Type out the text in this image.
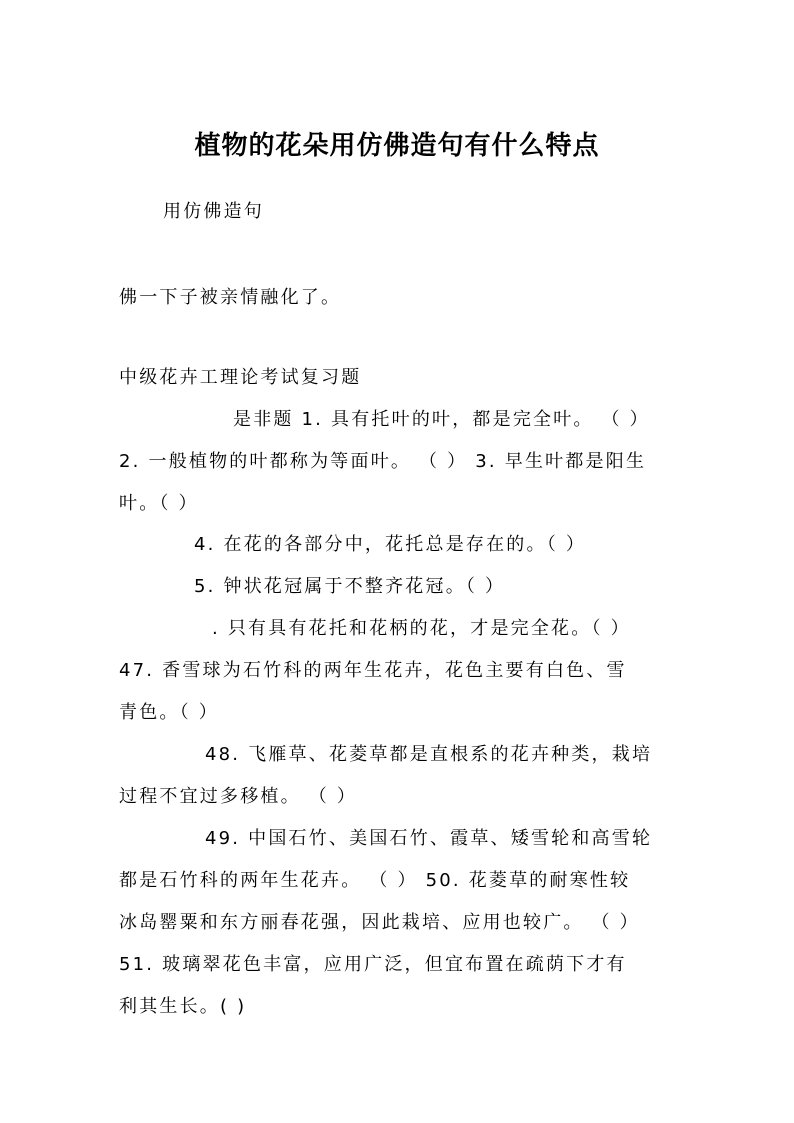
植物的花朵用仿佛造句有什么特点
用仿佛造句
佛一下子被亲情融化了。
中级花卉工理论考试复习题
是非题 1. 具有托叶的叶，都是完全叶。 （ ）
2. 一般植物的叶都称为等面叶。 （ ） 3. 早生叶都是阳生
叶。（ ）
4. 在花的各部分中，花托总是存在的。（ ）
5. 钟状花冠属于不整齐花冠。（ ）
. 只有具有花托和花柄的花，才是完全花。（ ）
47. 香雪球为石竹科的两年生花卉，花色主要有白色、雪
青色。（ ）
48. 飞雁草、花菱草都是直根系的花卉种类，栽培
过程不宜过多移植。 （ ）
49. 中国石竹、美国石竹、霞草、矮雪轮和高雪轮
都是石竹科的两年生花卉。 （ ） 50. 花菱草的耐寒性较
冰岛罂粟和东方丽春花强，因此栽培、应用也较广。 （ ）
51. 玻璃翠花色丰富，应用广泛，但宜布置在疏荫下才有
利其生长。( )
